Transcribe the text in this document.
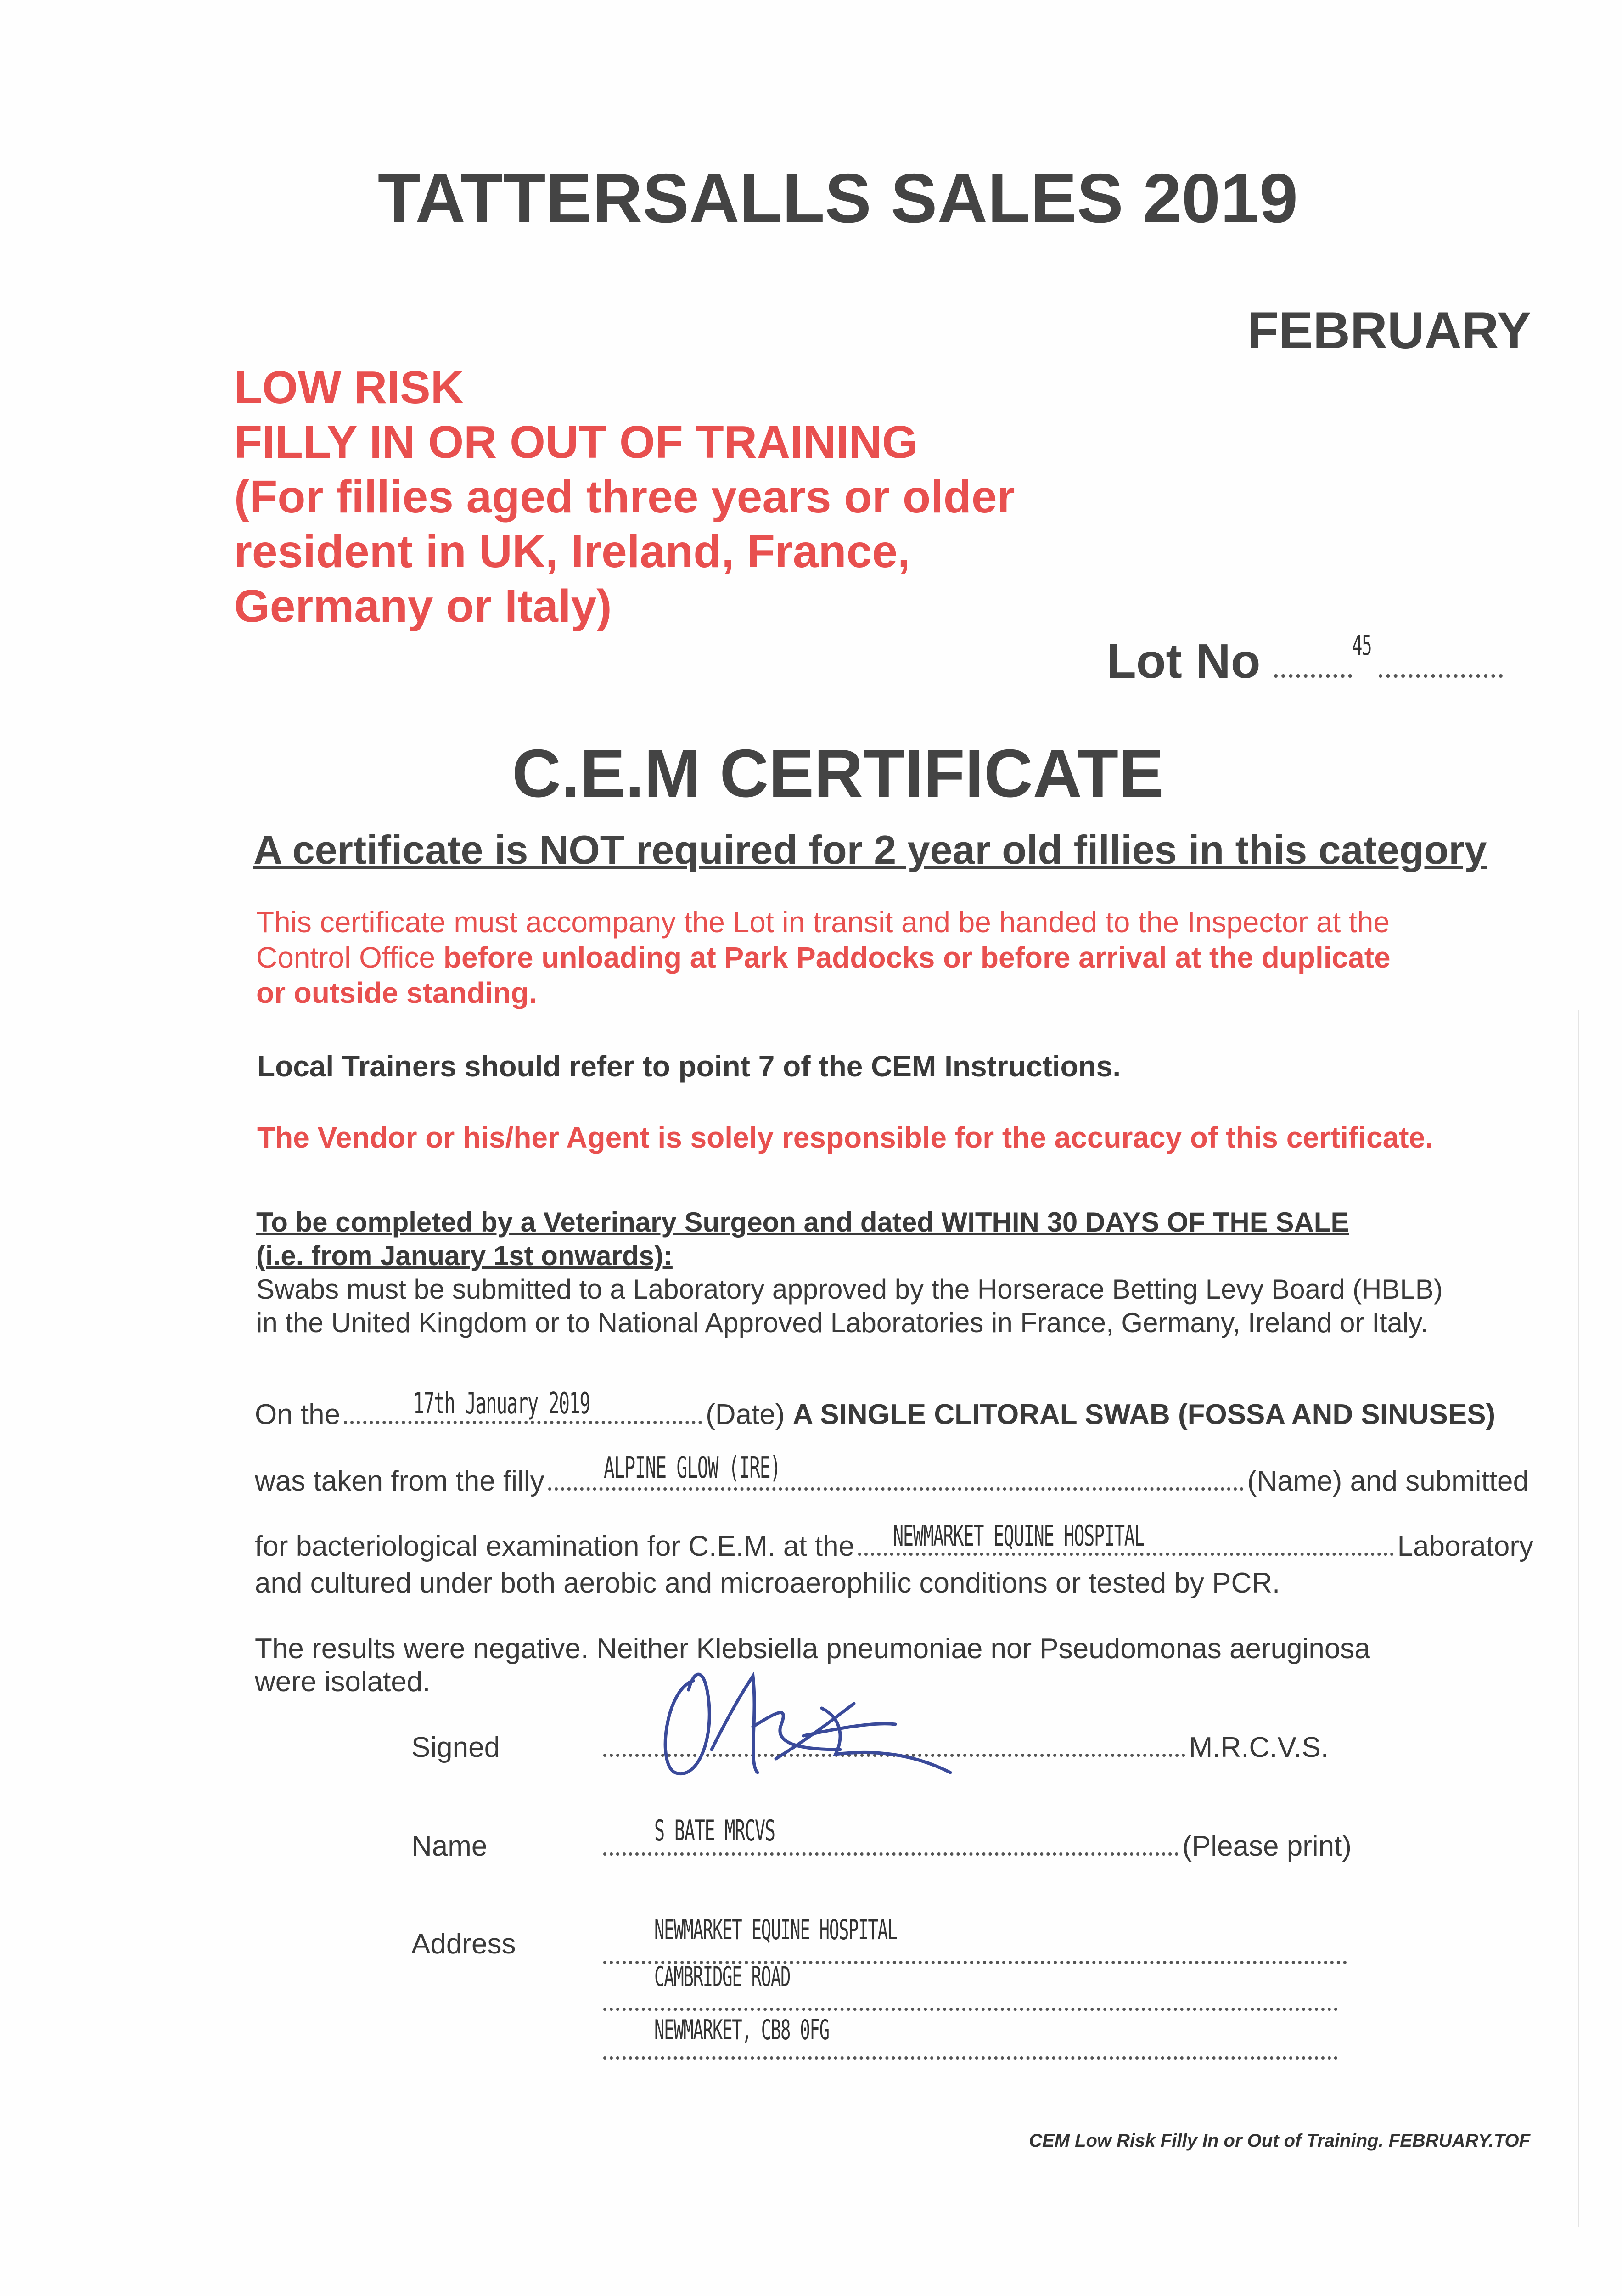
TATTERSALLS SALES 2019
FEBRUARY
LOW RISK
FILLY IN OR OUT OF TRAINING
(For fillies aged three years or older
resident in UK, Ireland, France,
Germany or Italy)
Lot No	45
C.E.M CERTIFICATE
A certificate is NOT required for 2 year old fillies in this category
This certificate must accompany the Lot in transit and be handed to the Inspector at the
Control Office before unloading at Park Paddocks or before arrival at the duplicate
or outside standing.
Local Trainers should refer to point 7 of the CEM Instructions.
The Vendor or his/her Agent is solely responsible for the accuracy of this certificate.
To be completed by a Veterinary Surgeon and dated WITHIN 30 DAYS OF THE SALE
(i.e. from January 1st onwards):
Swabs must be submitted to a Laboratory approved by the Horserace Betting Levy Board (HBLB)
in the United Kingdom or to National Approved Laboratories in France, Germany, Ireland or Italy.
On the	(Date)
A SINGLE CLITORAL SWAB (FOSSA AND SINUSES)
17th January 2019
was taken from the filly	(Name) and submitted
ALPINE GLOW (IRE)
for bacteriological examination for C.E.M. at the	Laboratory
NEWMARKET EQUINE HOSPITAL
and cultured under both aerobic and microaerophilic conditions or tested by PCR.
The results were negative. Neither Klebsiella pneumoniae nor Pseudomonas aeruginosa
were isolated.
Signed	M.R.C.V.S.
Name	(Please print)
S BATE MRCVS
Address	NEWMARKET EQUINE HOSPITAL
CAMBRIDGE ROAD
NEWMARKET, CB8 0FG
CEM Low Risk Filly In or Out of Training. FEBRUARY.TOF
